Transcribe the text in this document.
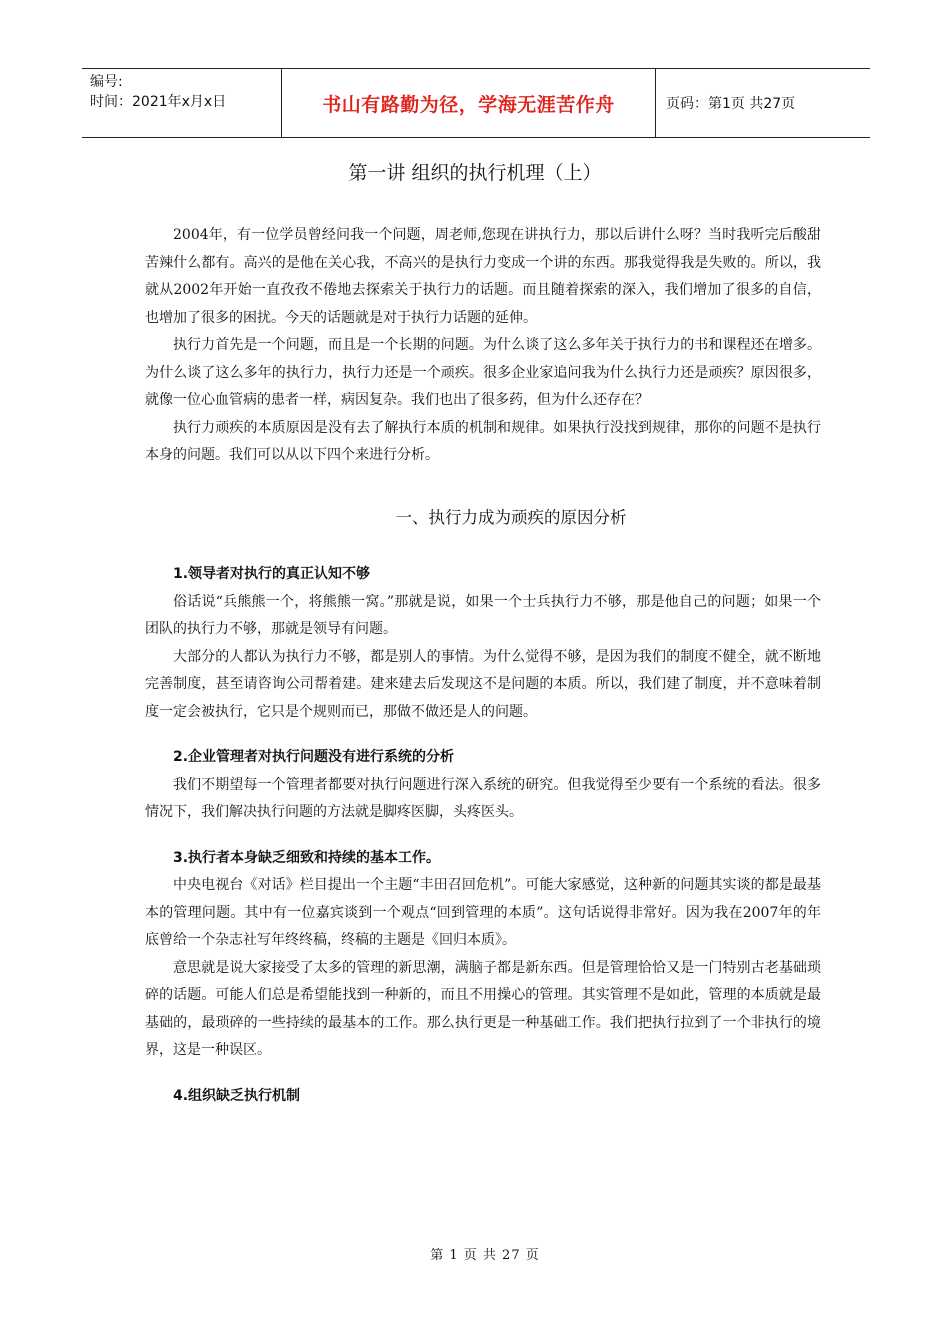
编号:
时间：2021年x月x日	书山有路勤为径，学海无涯苦作舟	页码：第1页 共27页
第一讲 组织的执行机理（上）

2004年，有一位学员曾经问我一个问题，周老师,您现在讲执行力，那以后讲什么呀？当时我听完后酸甜苦辣什么都有。高兴的是他在关心我，不高兴的是执行力变成一个讲的东西。那我觉得我是失败的。所以，我就从2002年开始一直孜孜不倦地去探索关于执行力的话题。而且随着探索的深入，我们增加了很多的自信，也增加了很多的困扰。今天的话题就是对于执行力话题的延伸。

执行力首先是一个问题，而且是一个长期的问题。为什么谈了这么多年关于执行力的书和课程还在增多。为什么谈了这么多年的执行力，执行力还是一个顽疾。很多企业家追问我为什么执行力还是顽疾？原因很多，就像一位心血管病的患者一样，病因复杂。我们也出了很多药，但为什么还存在？

执行力顽疾的本质原因是没有去了解执行本质的机制和规律。如果执行没找到规律，那你的问题不是执行本身的问题。我们可以从以下四个来进行分析。

一、执行力成为顽疾的原因分析
1.领导者对执行的真正认知不够

俗话说“兵熊熊一个，将熊熊一窝。”那就是说，如果一个士兵执行力不够，那是他自己的问题；如果一个团队的执行力不够，那就是领导有问题。

大部分的人都认为执行力不够，都是别人的事情。为什么觉得不够，是因为我们的制度不健全，就不断地完善制度，甚至请咨询公司帮着建。建来建去后发现这不是问题的本质。所以，我们建了制度，并不意味着制度一定会被执行，它只是个规则而已，那做不做还是人的问题。

2.企业管理者对执行问题没有进行系统的分析

我们不期望每一个管理者都要对执行问题进行深入系统的研究。但我觉得至少要有一个系统的看法。很多情况下，我们解决执行问题的方法就是脚疼医脚，头疼医头。

3.执行者本身缺乏细致和持续的基本工作。

中央电视台《对话》栏目提出一个主题“丰田召回危机”。可能大家感觉，这种新的问题其实谈的都是最基本的管理问题。其中有一位嘉宾谈到一个观点“回到管理的本质”。这句话说得非常好。因为我在2007年的年底曾给一个杂志社写年终终稿，终稿的主题是《回归本质》。

意思就是说大家接受了太多的管理的新思潮，满脑子都是新东西。但是管理恰恰又是一门特别古老基础琐碎的话题。可能人们总是希望能找到一种新的，而且不用操心的管理。其实管理不是如此，管理的本质就是最基础的，最琐碎的一些持续的最基本的工作。那么执行更是一种基础工作。我们把执行拉到了一个非执行的境界，这是一种误区。

4.组织缺乏执行机制
第 1 页 共 27 页
